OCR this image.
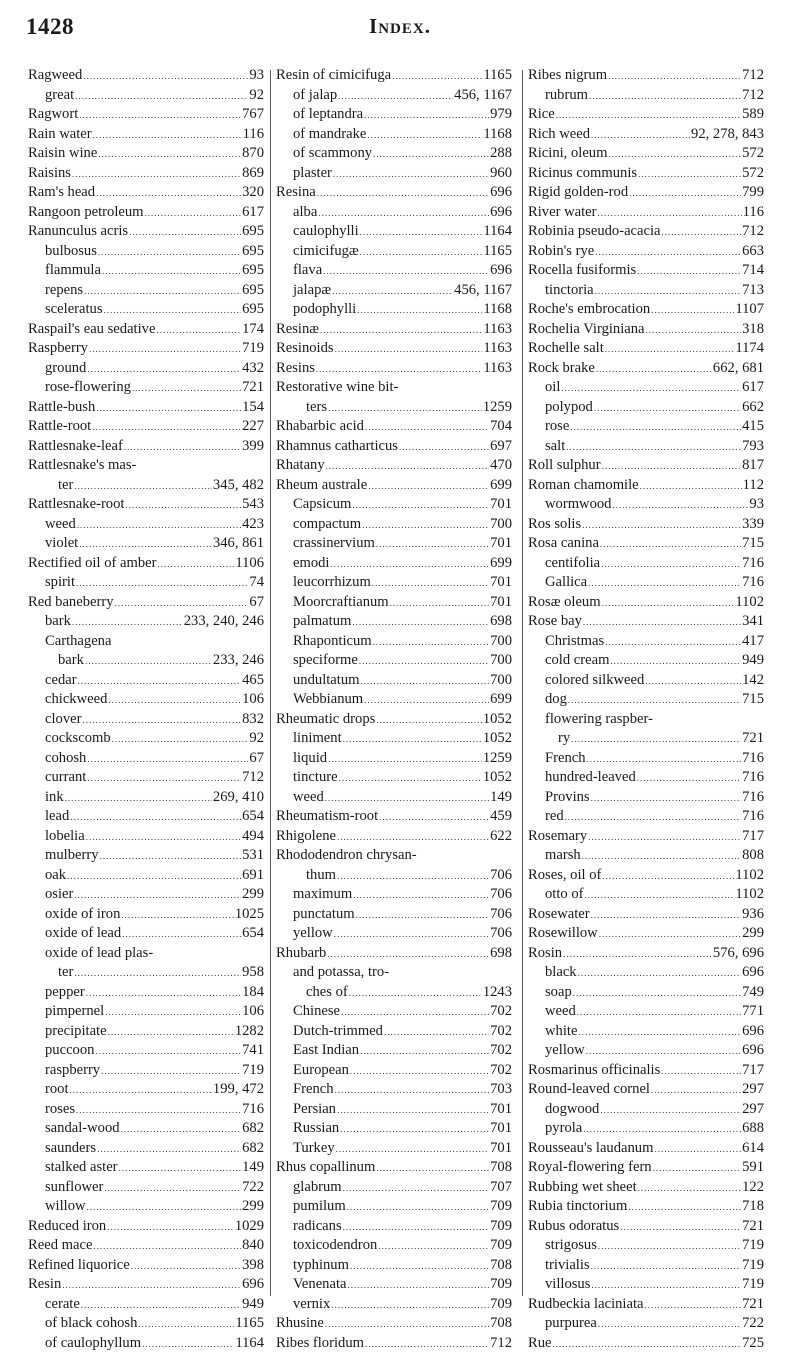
1428	Index.
Ragweed .....	93
great .....	92
Ragwort .....	767
Rain water .....	116
Raisin wine .....	870
Raisins .....	869
Ram's head .....	320
Rangoon petroleum .....	617
Ranunculus acris .....	695
bulbosus .....	695
flammula .....	695
repens .....	695
sceleratus .....	695
Raspail's eau sedative .....	174
Raspberry .....	719
ground .....	432
rose-flowering .....	721
Rattle-bush .....	154
Rattle-root .....	227
Rattlesnake-leaf .....	399
Rattlesnake's mas-
ter .....	345, 482
Rattlesnake-root .....	543
weed .....	423
violet .....	346, 861
Rectified oil of amber .....	1106
spirit .....	74
Red baneberry .....	67
bark .....	233, 240, 246
Carthagena
bark .....	233, 246
cedar .....	465
chickweed .....	106
clover .....	832
cockscomb .....	92
cohosh .....	67
currant .....	712
ink .....	269, 410
lead .....	654
lobelia .....	494
mulberry .....	531
oak .....	691
osier .....	299
oxide of iron .....	1025
oxide of lead .....	654
oxide of lead plas-
ter .....	958
pepper .....	184
pimpernel .....	106
precipitate .....	1282
puccoon .....	741
raspberry .....	719
root .....	199, 472
roses .....	716
sandal-wood .....	682
saunders .....	682
stalked aster .....	149
sunflower .....	722
willow .....	299
Reduced iron .....	1029
Reed mace .....	840
Refined liquorice .....	398
Resin .....	696
cerate .....	949
of black cohosh .....	1165
of caulophyllum .....	1164
Resin of cimicifuga .....	1165
of jalap .....	456, 1167
of leptandra .....	979
of mandrake .....	1168
of scammony .....	288
plaster .....	960
Resina .....	696
alba .....	696
caulophylli .....	1164
cimicifugæ .....	1165
flava .....	696
jalapæ .....	456, 1167
podophylli .....	1168
Resinæ .....	1163
Resinoids .....	1163
Resins .....	1163
Restorative wine bit-
ters .....	1259
Rhabarbic acid .....	704
Rhamnus catharticus .....	697
Rhatany .....	470
Rheum australe .....	699
Capsicum .....	701
compactum .....	700
crassinervium .....	701
emodi .....	699
leucorrhizum .....	701
Moorcraftianum .....	701
palmatum .....	698
Rhaponticum .....	700
speciforme .....	700
undultatum .....	700
Webbianum .....	699
Rheumatic drops .....	1052
liniment .....	1052
liquid .....	1259
tincture .....	1052
weed .....	149
Rheumatism-root .....	459
Rhigolene .....	622
Rhododendron chrysan-
thum .....	706
maximum .....	706
punctatum .....	706
yellow .....	706
Rhubarb .....	698
and potassa, tro-
ches of .....	1243
Chinese .....	702
Dutch-trimmed .....	702
East Indian .....	702
European .....	702
French .....	703
Persian .....	701
Russian .....	701
Turkey .....	701
Rhus copallinum .....	708
glabrum .....	707
pumilum .....	709
radicans .....	709
toxicodendron .....	709
typhinum .....	708
Venenata .....	709
vernix .....	709
Rhusine .....	708
Ribes floridum .....	712
Ribes nigrum .....	712
rubrum .....	712
Rice .....	589
Rich weed .....	92, 278, 843
Ricini, oleum .....	572
Ricinus communis .....	572
Rigid golden-rod .....	799
River water .....	116
Robinia pseudo-acacia .....	712
Robin's rye .....	663
Rocella fusiformis .....	714
tinctoria .....	713
Roche's embrocation .....	1107
Rochelia Virginiana .....	318
Rochelle salt .....	1174
Rock brake .....	662, 681
oil .....	617
polypod .....	662
rose .....	415
salt .....	793
Roll sulphur .....	817
Roman chamomile .....	112
wormwood .....	93
Ros solis .....	339
Rosa canina .....	715
centifolia .....	716
Gallica .....	716
Rosæ oleum .....	1102
Rose bay .....	341
Christmas .....	417
cold cream .....	949
colored silkweed .....	142
dog .....	715
flowering raspber-
ry .....	721
French .....	716
hundred-leaved .....	716
Provins .....	716
red .....	716
Rosemary .....	717
marsh .....	808
Roses, oil of .....	1102
otto of .....	1102
Rosewater .....	936
Rosewillow .....	299
Rosin .....	576, 696
black .....	696
soap .....	749
weed .....	771
white .....	696
yellow .....	696
Rosmarinus officinalis .....	717
Round-leaved cornel .....	297
dogwood .....	297
pyrola .....	688
Rousseau's laudanum .....	614
Royal-flowering fern .....	591
Rubbing wet sheet .....	122
Rubia tinctorium .....	718
Rubus odoratus .....	721
strigosus .....	719
trivialis .....	719
villosus .....	719
Rudbeckia laciniata .....	721
purpurea .....	722
Rue .....	725
